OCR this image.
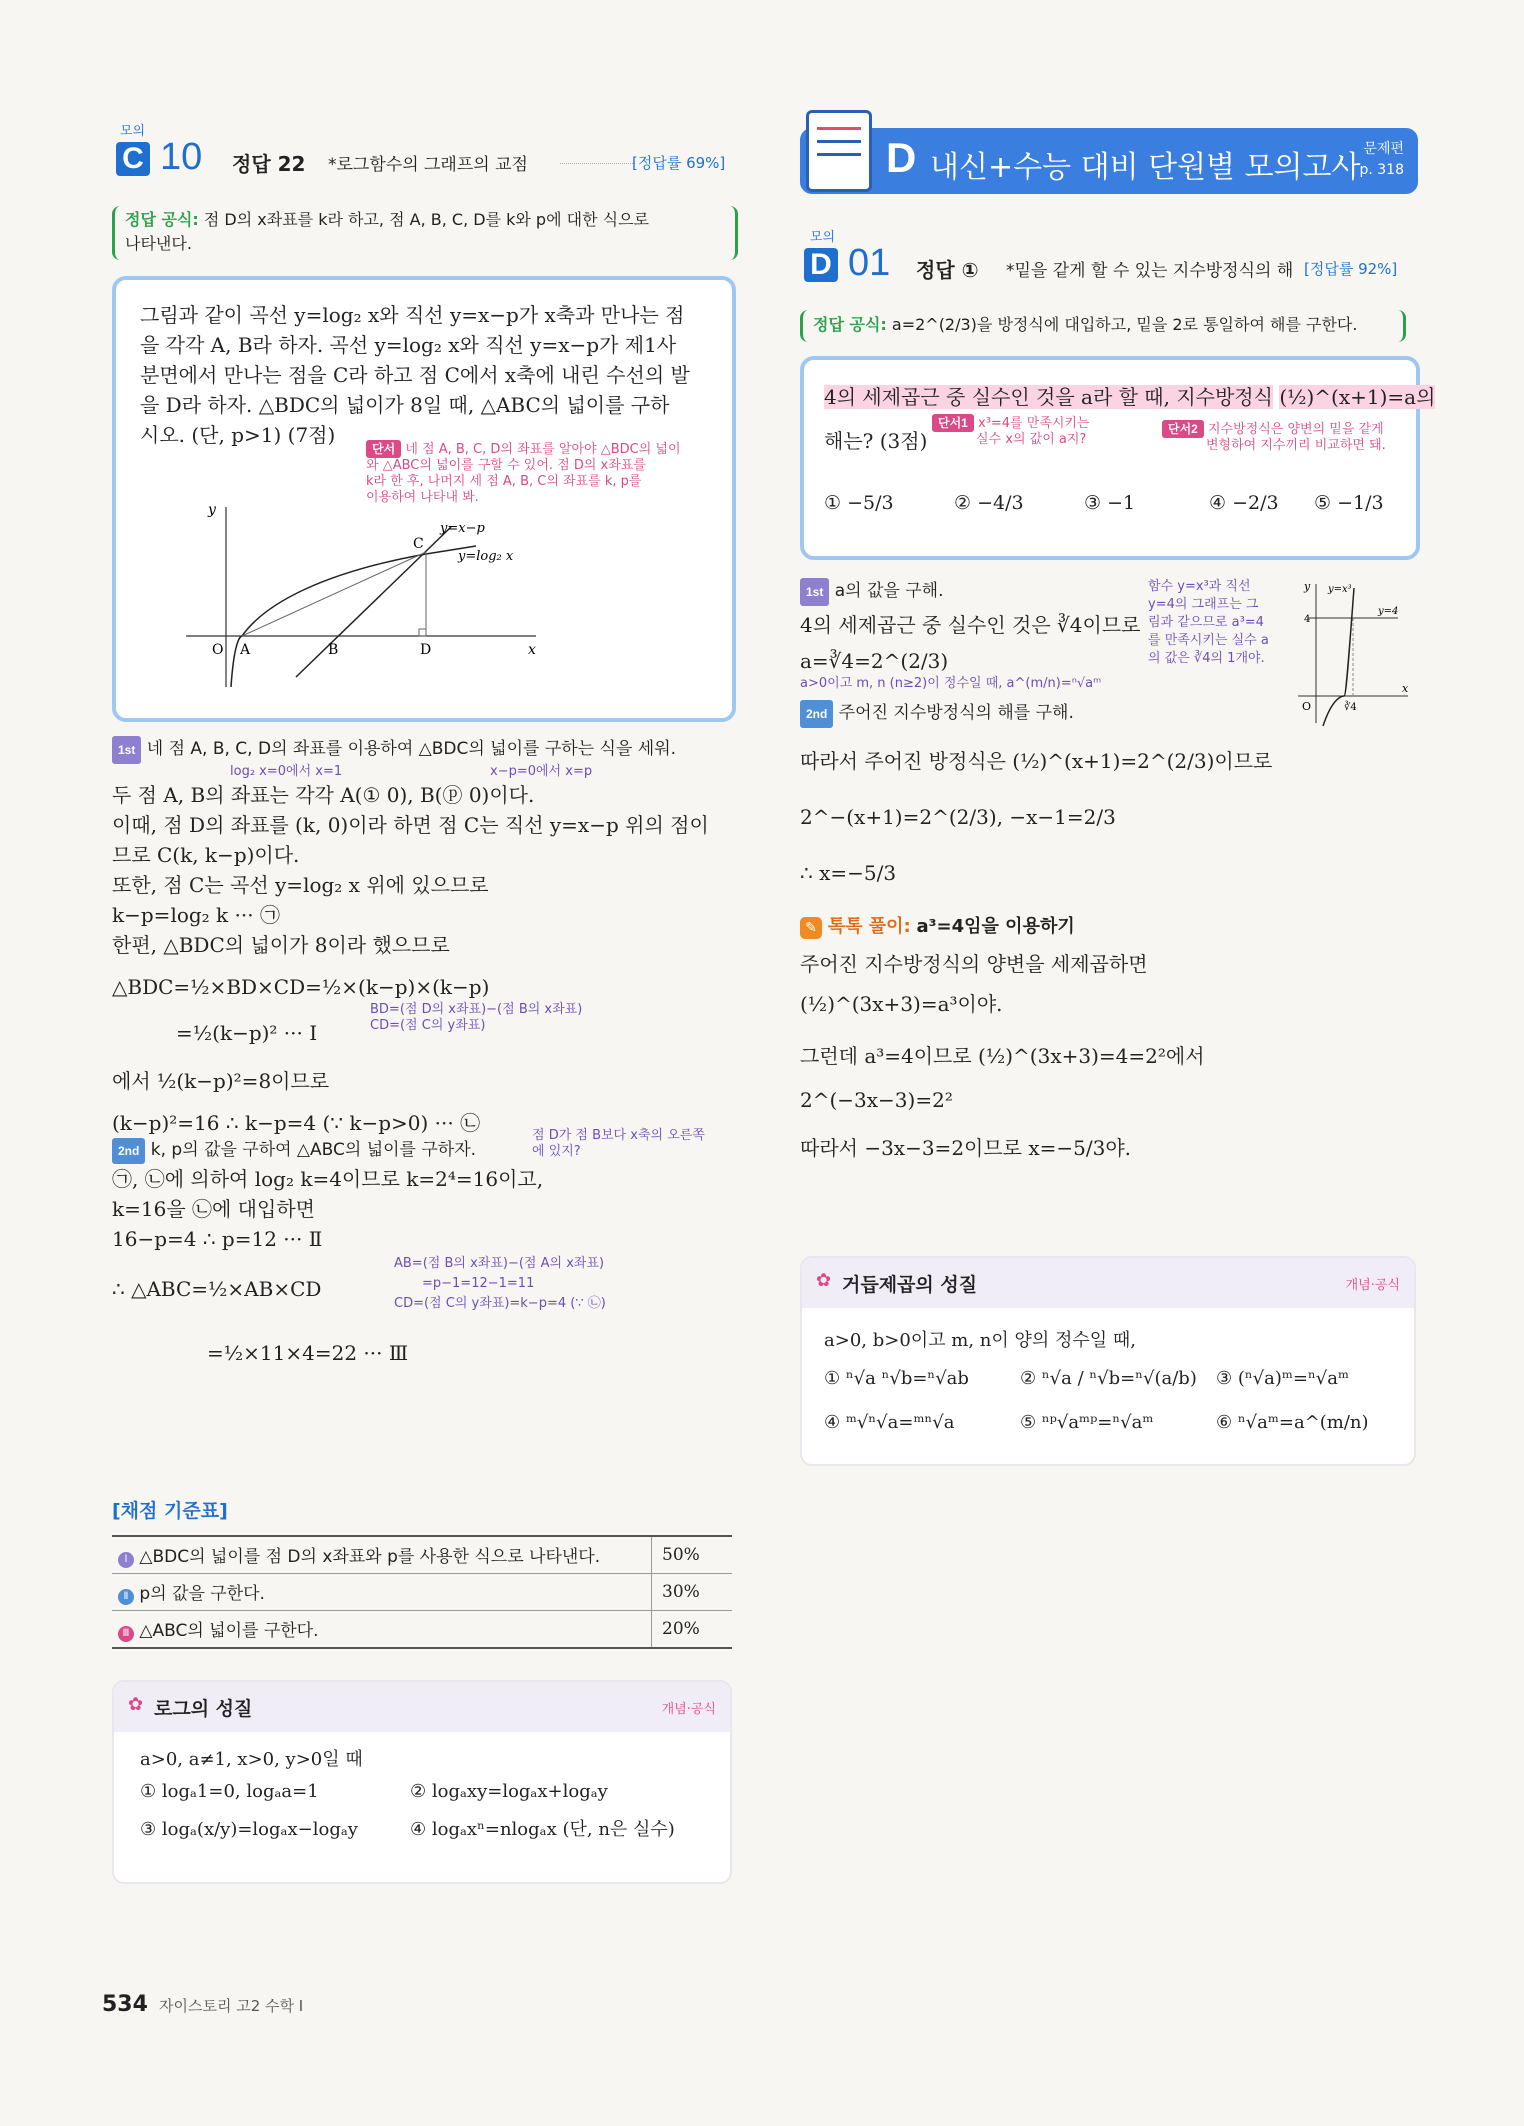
모의
C 10 정답 22 *로그함수의 그래프의 교점	[정답률 69%]
정답 공식: 점 D의 x좌표를 k라 하고, 점 A, B, C, D를 k와 p에 대한 식으로
나타낸다.
그림과 같이 곡선 y=log₂ x와 직선 y=x−p가 x축과 만나는 점
을 각각 A, B라 하자. 곡선 y=log₂ x와 직선 y=x−p가 제1사
분면에서 만나는 점을 C라 하고 점 C에서 x축에 내린 수선의 발
을 D라 하자. △BDC의 넓이가 8일 때, △ABC의 넓이를 구하
시오. (단, p>1) (7점)
단서 네 점 A, B, C, D의 좌표를 알아야 △BDC의 넓이
와 △ABC의 넓이를 구할 수 있어. 점 D의 x좌표를
k라 한 후, 나머지 세 점 A, B, C의 좌표를 k, p를
이용하여 나타내 봐.
y
x
O A	B	D
C
y=x−p
y=log₂ x
1st 네 점 A, B, C, D의 좌표를 이용하여 △BDC의 넓이를 구하는 식을 세워.
log₂ x=0에서 x=1	x−p=0에서 x=p
두 점 A, B의 좌표는 각각 A(① 0), B(ⓟ 0)이다.
이때, 점 D의 좌표를 (k, 0)이라 하면 점 C는 직선 y=x−p 위의 점이
므로 C(k, k−p)이다.
또한, 점 C는 곡선 y=log₂ x 위에 있으므로
k−p=log₂ k ··· ㉠
한편, △BDC의 넓이가 8이라 했으므로
△BDC=½×BD×CD=½×(k−p)×(k−p)
BD=(점 D의 x좌표)−(점 B의 x좌표)
=½(k−p)² ··· Ⅰ	CD=(점 C의 y좌표)
에서 ½(k−p)²=8이므로
(k−p)²=16 ∴ k−p=4 (∵ k−p>0) ··· ㉡
2nd k, p의 값을 구하여 △ABC의 넓이를 구하자.
점 D가 점 B보다 x축의 오른쪽
에 있지?
㉠, ㉡에 의하여 log₂ k=4이므로 k=2⁴=16이고,
k=16을 ㉡에 대입하면
16−p=4 ∴ p=12 ··· Ⅱ
∴ △ABC=½×AB×CD
AB=(점 B의 x좌표)−(점 A의 x좌표)
=p−1=12−1=11
CD=(점 C의 y좌표)=k−p=4 (∵ ㉡)
=½×11×4=22 ··· Ⅲ
[채점 기준표]
Ⅰ △BDC의 넓이를 점 D의 x좌표와 p를 사용한 식으로 나타낸다.	50%
Ⅱ p의 값을 구한다.	30%
Ⅲ △ABC의 넓이를 구한다.	20%
✿ 로그의 성질	개념·공식
a>0, a≠1, x>0, y>0일 때
① logₐ1=0, logₐa=1	② logₐxy=logₐx+logₐy
③ logₐ(x/y)=logₐx−logₐy	④ logₐxⁿ=nlogₐx (단, n은 실수)
534 자이스토리 고2 수학 I
D 내신+수능 대비 단원별 모의고사
문제편
p. 318
모의
D 01 정답 ① *밑을 같게 할 수 있는 지수방정식의 해 [정답률 92%]
정답 공식: a=2^(2/3)을 방정식에 대입하고, 밑을 2로 통일하여 해를 구한다.
4의 세제곱근 중 실수인 것을 a라 할 때, 지수방정식 (½)^(x+1)=a의
해는? (3점)
단서1 x³=4를 만족시키는
실수 x의 값이 a지?
단서2 지수방정식은 양변의 밑을 같게
변형하여 지수끼리 비교하면 돼.
① −5/3	② −4/3	③ −1	④ −2/3 ⑤ −1/3
1st a의 값을 구해.
4의 세제곱근 중 실수인 것은 ∛4이므로
a=∛4=2^(2/3)
a>0이고 m, n (n≥2)이 정수일 때, a^(m/n)=ⁿ√aᵐ
2nd 주어진 지수방정식의 해를 구해.
따라서 주어진 방정식은 (½)^(x+1)=2^(2/3)이므로
2^−(x+1)=2^(2/3), −x−1=2/3
∴ x=−5/3
✎ 톡톡 풀이: a³=4임을 이용하기
주어진 지수방정식의 양변을 세제곱하면
(½)^(3x+3)=a³이야.
그런데 a³=4이므로 (½)^(3x+3)=4=2²에서
2^(−3x−3)=2²
따라서 −3x−3=2이므로 x=−5/3야.
함수 y=x³과 직선
y=4의 그래프는 그
림과 같으므로 a³=4
를 만족시키는 실수 a
의 값은 ∛4의 1개야.
y
x
O
y=x³
y=4
4
∛4
✿ 거듭제곱의 성질	개념·공식
a>0, b>0이고 m, n이 양의 정수일 때,
① ⁿ√a ⁿ√b=ⁿ√ab	② ⁿ√a / ⁿ√b=ⁿ√(a/b) ③ (ⁿ√a)ᵐ=ⁿ√aᵐ
④ ᵐ√ⁿ√a=ᵐⁿ√a	⑤ ⁿᵖ√aᵐᵖ=ⁿ√aᵐ	⑥ ⁿ√aᵐ=a^(m/n)
